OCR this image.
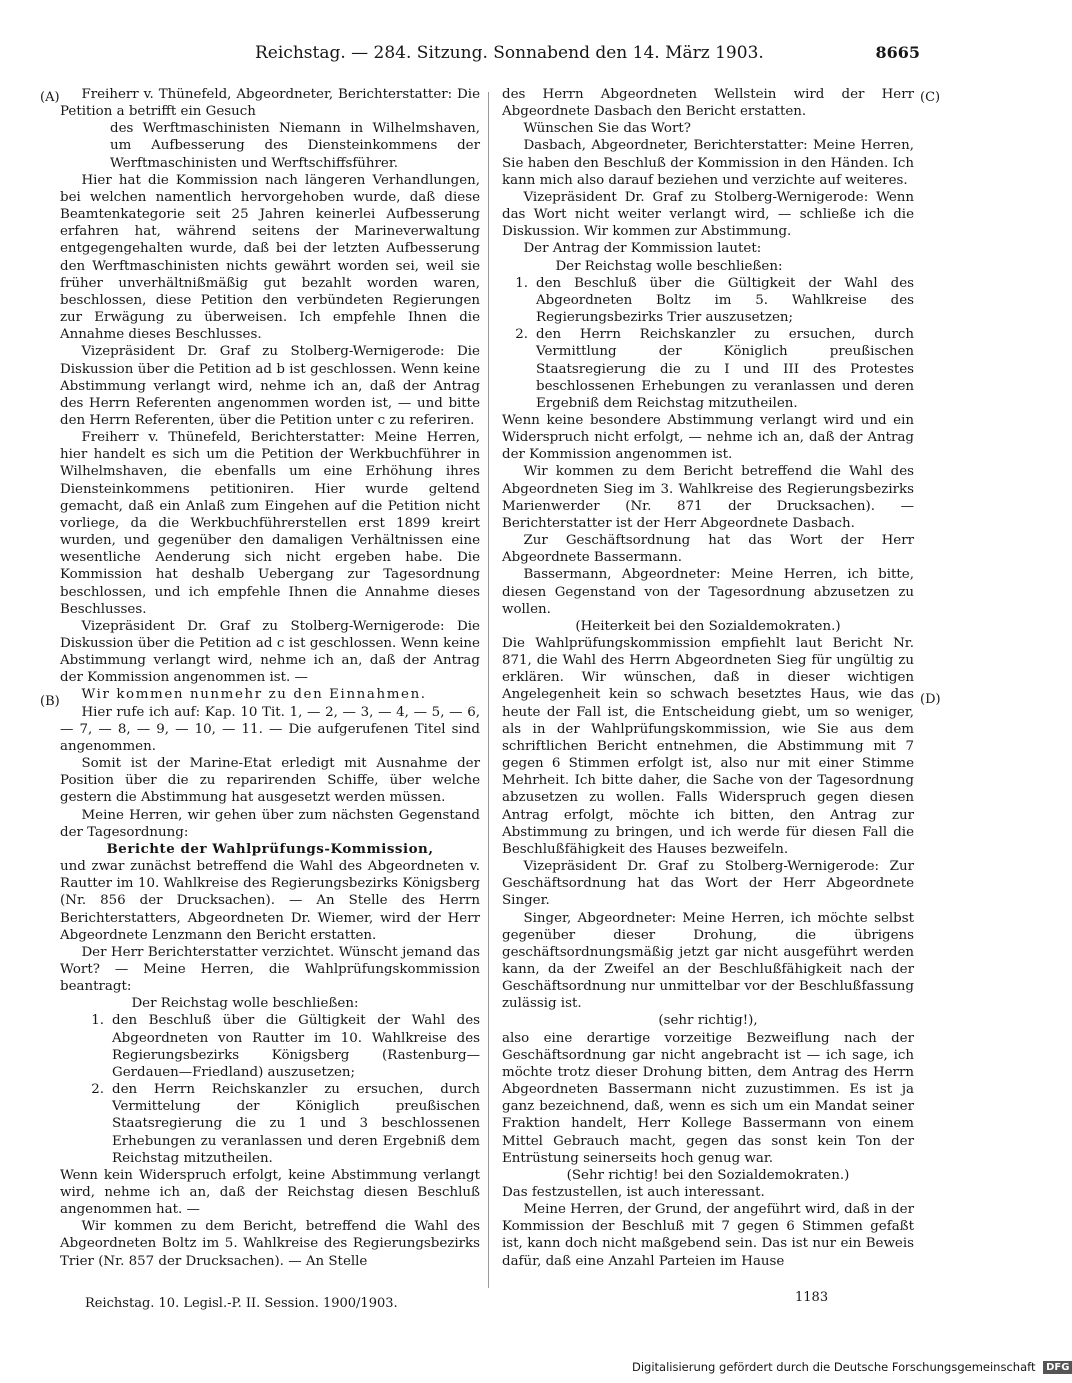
Reichstag. — 284. Sitzung. Sonnabend den 14. März 1903.	8665
(A)
(B)
(C)
(D)

Freiherr v. Thünefeld, Abgeordneter, Berichterstatter: Die Petition a betrifft ein Gesuch

des Werftmaschinisten Niemann in Wilhelmshaven, um Aufbesserung des Diensteinkommens der Werftmaschinisten und Werftschiffsführer.

Hier hat die Kommission nach längeren Verhandlungen, bei welchen namentlich hervorgehoben wurde, daß diese Beamtenkategorie seit 25 Jahren keinerlei Aufbesserung erfahren hat, während seitens der Marineverwaltung entgegengehalten wurde, daß bei der letzten Aufbesserung den Werftmaschinisten nichts gewährt worden sei, weil sie früher unverhältnißmäßig gut bezahlt worden waren, beschlossen, diese Petition den verbündeten Regierungen zur Erwägung zu überweisen. Ich empfehle Ihnen die Annahme dieses Beschlusses.

Vizepräsident Dr. Graf zu Stolberg-Wernigerode: Die Diskussion über die Petition ad b ist geschlossen. Wenn keine Abstimmung verlangt wird, nehme ich an, daß der Antrag des Herrn Referenten angenommen worden ist, — und bitte den Herrn Referenten, über die Petition unter c zu referiren.

Freiherr v. Thünefeld, Berichterstatter: Meine Herren, hier handelt es sich um die Petition der Werkbuchführer in Wilhelmshaven, die ebenfalls um eine Erhöhung ihres Diensteinkommens petitioniren. Hier wurde geltend gemacht, daß ein Anlaß zum Eingehen auf die Petition nicht vorliege, da die Werkbuchführerstellen erst 1899 kreirt wurden, und gegenüber den damaligen Verhältnissen eine wesentliche Aenderung sich nicht ergeben habe. Die Kommission hat deshalb Uebergang zur Tagesordnung beschlossen, und ich empfehle Ihnen die Annahme dieses Beschlusses.

Vizepräsident Dr. Graf zu Stolberg-Wernigerode: Die Diskussion über die Petition ad c ist geschlossen. Wenn keine Abstimmung verlangt wird, nehme ich an, daß der Antrag der Kommission angenommen ist. —

Wir kommen nunmehr zu den Einnahmen.

Hier rufe ich auf: Kap. 10 Tit. 1, — 2, — 3, — 4, — 5, — 6, — 7, — 8, — 9, — 10, — 11. — Die aufgerufenen Titel sind angenommen.

Somit ist der Marine-Etat erledigt mit Ausnahme der Position über die zu reparirenden Schiffe, über welche gestern die Abstimmung hat ausgesetzt werden müssen.

Meine Herren, wir gehen über zum nächsten Gegenstand der Tagesordnung:

Berichte der Wahlprüfungs-Kommission,

und zwar zunächst betreffend die Wahl des Abgeordneten v. Rautter im 10. Wahlkreise des Regierungsbezirks Königsberg (Nr. 856 der Drucksachen). — An Stelle des Herrn Berichterstatters, Abgeordneten Dr. Wiemer, wird der Herr Abgeordnete Lenzmann den Bericht erstatten.

Der Herr Berichterstatter verzichtet. Wünscht jemand das Wort? — Meine Herren, die Wahlprüfungskommission beantragt:

Der Reichstag wolle beschließen:

1. den Beschluß über die Gültigkeit der Wahl des Abgeordneten von Rautter im 10. Wahlkreise des Regierungsbezirks Königsberg (Rastenburg—Gerdauen—Friedland) auszusetzen;
2. den Herrn Reichskanzler zu ersuchen, durch Vermittelung der Königlich preußischen Staatsregierung die zu 1 und 3 beschlossenen Erhebungen zu veranlassen und deren Ergebniß dem Reichstag mitzutheilen.

Wenn kein Widerspruch erfolgt, keine Abstimmung verlangt wird, nehme ich an, daß der Reichstag diesen Beschluß angenommen hat. —

Wir kommen zu dem Bericht, betreffend die Wahl des Abgeordneten Boltz im 5. Wahlkreise des Regierungsbezirks Trier (Nr. 857 der Drucksachen). — An Stelle

des Herrn Abgeordneten Wellstein wird der Herr Abgeordnete Dasbach den Bericht erstatten.

Wünschen Sie das Wort?

Dasbach, Abgeordneter, Berichterstatter: Meine Herren, Sie haben den Beschluß der Kommission in den Händen. Ich kann mich also darauf beziehen und verzichte auf weiteres.

Vizepräsident Dr. Graf zu Stolberg-Wernigerode: Wenn das Wort nicht weiter verlangt wird, — schließe ich die Diskussion. Wir kommen zur Abstimmung.

Der Antrag der Kommission lautet:

Der Reichstag wolle beschließen:

1. den Beschluß über die Gültigkeit der Wahl des Abgeordneten Boltz im 5. Wahlkreise des Regierungsbezirks Trier auszusetzen;
2. den Herrn Reichskanzler zu ersuchen, durch Vermittlung der Königlich preußischen Staatsregierung die zu I und III des Protestes beschlossenen Erhebungen zu veranlassen und deren Ergebniß dem Reichstag mitzutheilen.

Wenn keine besondere Abstimmung verlangt wird und ein Widerspruch nicht erfolgt, — nehme ich an, daß der Antrag der Kommission angenommen ist.

Wir kommen zu dem Bericht betreffend die Wahl des Abgeordneten Sieg im 3. Wahlkreise des Regierungsbezirks Marienwerder (Nr. 871 der Drucksachen). — Berichterstatter ist der Herr Abgeordnete Dasbach.

Zur Geschäftsordnung hat das Wort der Herr Abgeordnete Bassermann.

Bassermann, Abgeordneter: Meine Herren, ich bitte, diesen Gegenstand von der Tagesordnung abzusetzen zu wollen.

(Heiterkeit bei den Sozialdemokraten.)

Die Wahlprüfungskommission empfiehlt laut Bericht Nr. 871, die Wahl des Herrn Abgeordneten Sieg für ungültig zu erklären. Wir wünschen, daß in dieser wichtigen Angelegenheit kein so schwach besetztes Haus, wie das heute der Fall ist, die Entscheidung giebt, um so weniger, als in der Wahlprüfungskommission, wie Sie aus dem schriftlichen Bericht entnehmen, die Abstimmung mit 7 gegen 6 Stimmen erfolgt ist, also nur mit einer Stimme Mehrheit. Ich bitte daher, die Sache von der Tagesordnung abzusetzen zu wollen. Falls Widerspruch gegen diesen Antrag erfolgt, möchte ich bitten, den Antrag zur Abstimmung zu bringen, und ich werde für diesen Fall die Beschlußfähigkeit des Hauses bezweifeln.

Vizepräsident Dr. Graf zu Stolberg-Wernigerode: Zur Geschäftsordnung hat das Wort der Herr Abgeordnete Singer.

Singer, Abgeordneter: Meine Herren, ich möchte selbst gegenüber dieser Drohung, die übrigens geschäftsordnungsmäßig jetzt gar nicht ausgeführt werden kann, da der Zweifel an der Beschlußfähigkeit nach der Geschäftsordnung nur unmittelbar vor der Beschlußfassung zulässig ist.

(sehr richtig!),

also eine derartige vorzeitige Bezweiflung nach der Geschäftsordnung gar nicht angebracht ist — ich sage, ich möchte trotz dieser Drohung bitten, dem Antrag des Herrn Abgeordneten Bassermann nicht zuzustimmen. Es ist ja ganz bezeichnend, daß, wenn es sich um ein Mandat seiner Fraktion handelt, Herr Kollege Bassermann von einem Mittel Gebrauch macht, gegen das sonst kein Ton der Entrüstung seinerseits hoch genug war.

(Sehr richtig! bei den Sozialdemokraten.)

Das festzustellen, ist auch interessant.

Meine Herren, der Grund, der angeführt wird, daß in der Kommission der Beschluß mit 7 gegen 6 Stimmen gefaßt ist, kann doch nicht maßgebend sein. Das ist nur ein Beweis dafür, daß eine Anzahl Parteien im Hause

Reichstag. 10. Legisl.-P. II. Session. 1900/1903.	1183
Digitalisierung gefördert durch die Deutsche Forschungsgemeinschaft DFG
